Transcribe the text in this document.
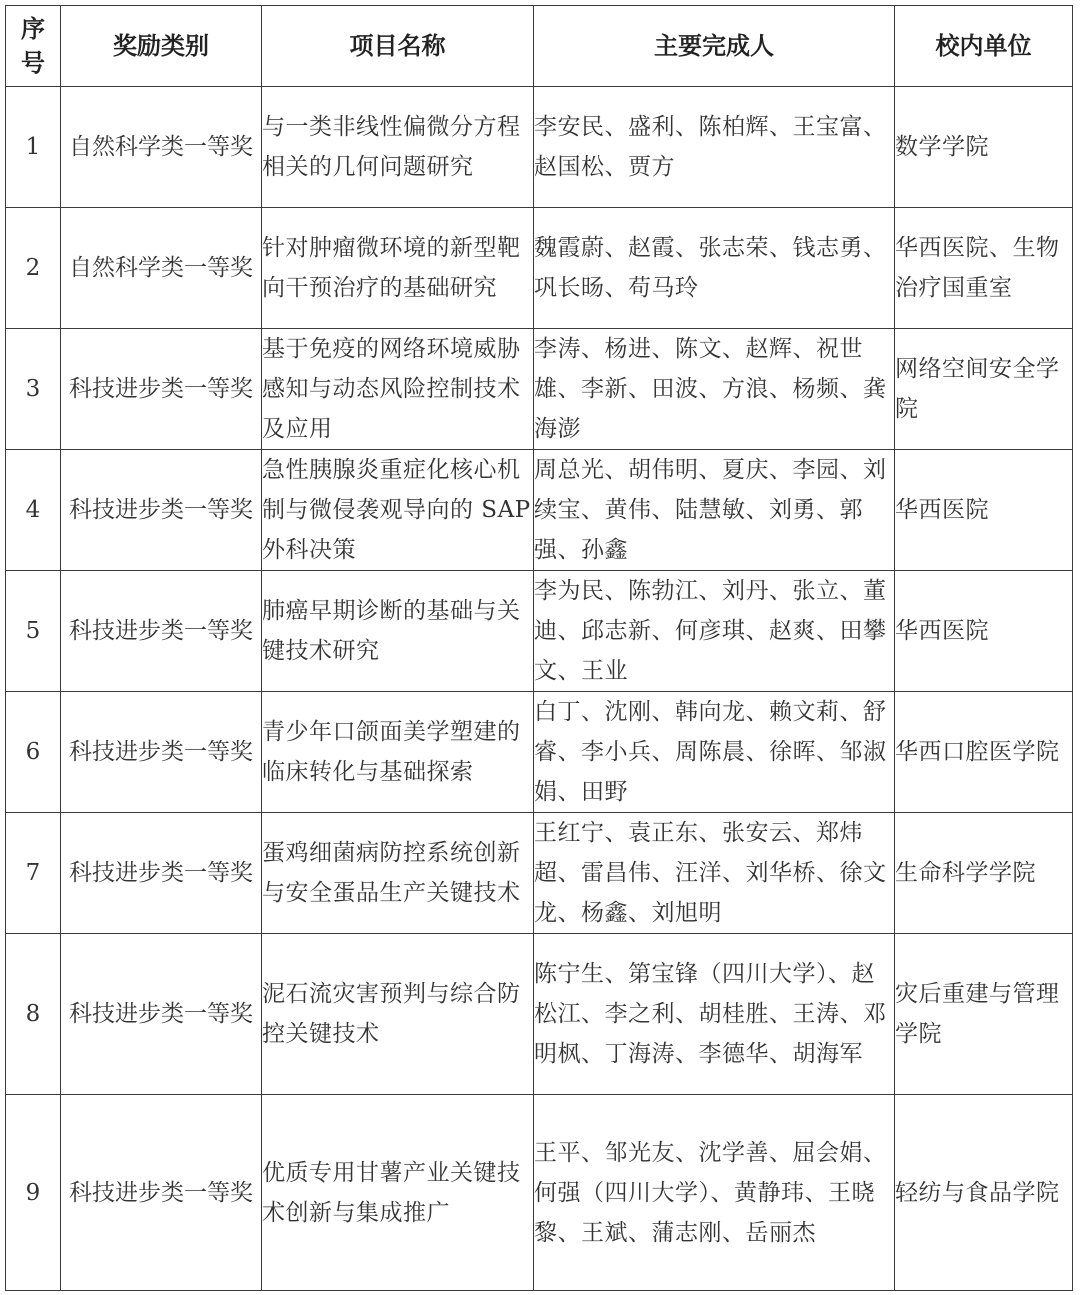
序号	奖励类别	项目名称	主要完成人	校内单位
1	自然科学类一等奖	与一类非线性偏微分方程相关的几何问题研究	李安民、盛利、陈柏辉、王宝富、赵国松、贾方	数学学院
2	自然科学类一等奖	针对肿瘤微环境的新型靶向干预治疗的基础研究	魏霞蔚、赵霞、张志荣、钱志勇、巩长旸、苟马玲	华西医院、生物治疗国重室
3	科技进步类一等奖	基于免疫的网络环境威胁感知与动态风险控制技术及应用	李涛、杨进、陈文、赵辉、祝世雄、李新、田波、方浪、杨频、龚海澎	网络空间安全学院
4	科技进步类一等奖	急性胰腺炎重症化核心机制与微侵袭观导向的 SAP 外科决策	周总光、胡伟明、夏庆、李园、刘续宝、黄伟、陆慧敏、刘勇、郭强、孙鑫	华西医院
5	科技进步类一等奖	肺癌早期诊断的基础与关键技术研究	李为民、陈勃江、刘丹、张立、董迪、邱志新、何彦琪、赵爽、田攀文、王业	华西医院
6	科技进步类一等奖	青少年口颌面美学塑建的临床转化与基础探索	白丁、沈刚、韩向龙、赖文莉、舒睿、李小兵、周陈晨、徐晖、邹淑娟、田野	华西口腔医学院
7	科技进步类一等奖	蛋鸡细菌病防控系统创新与安全蛋品生产关键技术	王红宁、袁正东、张安云、郑炜超、雷昌伟、汪洋、刘华桥、徐文龙、杨鑫、刘旭明	生命科学学院
8	科技进步类一等奖	泥石流灾害预判与综合防控关键技术	陈宁生、第宝锋（四川大学）、赵松江、李之利、胡桂胜、王涛、邓明枫、丁海涛、李德华、胡海军	灾后重建与管理学院
9	科技进步类一等奖	优质专用甘薯产业关键技术创新与集成推广	王平、邹光友、沈学善、屈会娟、何强（四川大学）、黄静玮、王晓黎、王斌、蒲志刚、岳丽杰	轻纺与食品学院
